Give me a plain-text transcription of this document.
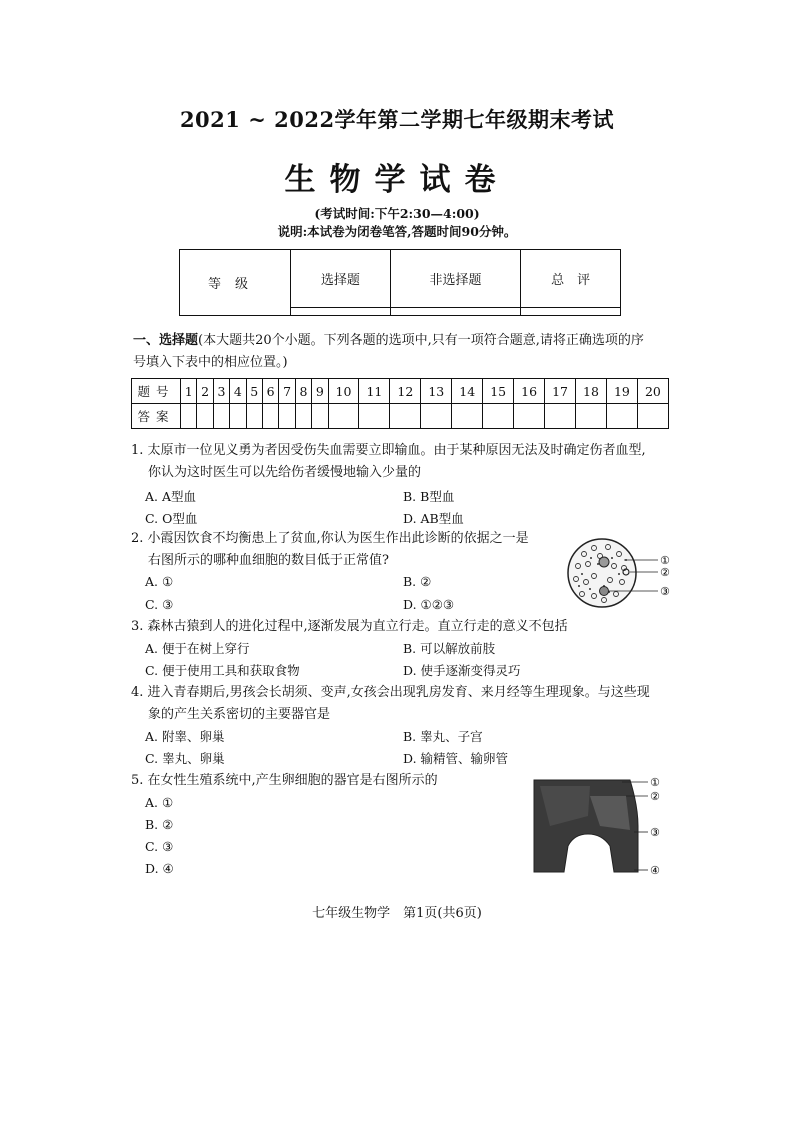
2021 ~ 2022学年第二学期七年级期末考试
生物学试卷
(考试时间:下午2:30—4:00)
说明:本试卷为闭卷笔答,答题时间90分钟。
等级	选择题	非选择题	总　评

一、选择题(本大题共20个小题。下列各题的选项中,只有一项符合题意,请将正确选项的序
号填入下表中的相应位置。)
题号	1	2	3	4	5	6	7	8	9	10	11	12	13	14	15	16	17	18	19	20
答案																				
1. 太原市一位见义勇为者因受伤失血需要立即输血。由于某种原因无法及时确定伤者血型,
你认为这时医生可以先给伤者缓慢地输入少量的
A. A型血	B. B型血
C. O型血	D. AB型血
2. 小霞因饮食不均衡患上了贫血,你认为医生作出此诊断的依据之一是
右图所示的哪种血细胞的数目低于正常值?
A. ①	B. ②
C. ③	D. ①②③
①
②
③
3. 森林古猿到人的进化过程中,逐渐发展为直立行走。直立行走的意义不包括
A. 便于在树上穿行	B. 可以解放前肢
C. 便于使用工具和获取食物	D. 使手逐渐变得灵巧
4. 进入青春期后,男孩会长胡须、变声,女孩会出现乳房发育、来月经等生理现象。与这些现
象的产生关系密切的主要器官是
A. 附睾、卵巢	B. 睾丸、子宫
C. 睾丸、卵巢	D. 输精管、输卵管
5. 在女性生殖系统中,产生卵细胞的器官是右图所示的
A. ①
B. ②
C. ③
D. ④
①
②
③
④
七年级生物学　第1页(共6页)
